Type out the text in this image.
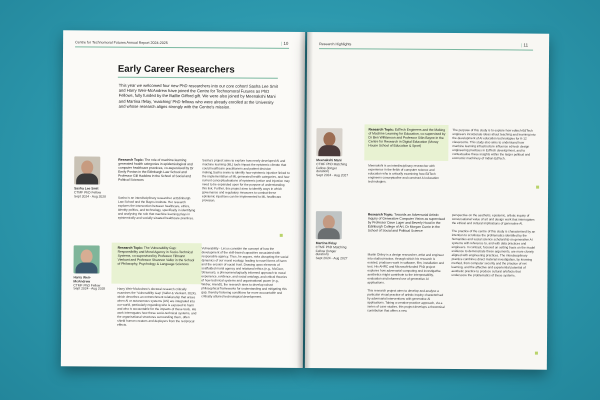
Centre for Technomoral Futures Annual Report 2024-2025	| 10
Early Career Researchers
This year we welcomed four new PhD researchers into our core cohort! Sasha Lee Smit and Harry Weir-McAndrew have joined the Centre for Technomoral Futures as PhD Fellows, fully funded by the Baillie Gifford gift. We were also joined by Meenakshi Mani and Martina Ifelay, 'matching' PhD fellows who were already enrolled at the University and whose research aligns strongly with the Centre's mission.
Sasha Lee Smit
CTMF PhD Fellow
Sept 2024 - Aug 2028
Research Topic: The role of machine learning generated health categories in epidemiological and computer healthcare practices, co-supervised by Dr Emily Postan in the Edinburgh Law School and Professor Gill Haddow in the School of Social and Political Sciences
Sasha is an interdisciplinary researcher at Edinburgh Law School and the Bayes Institute. Her research explores the intersection between healthcare, ethics, identity politics, and technology, specifically in identifying and analysing the role that machine learning plays in epistemically and socially-situated healthcare practices.
Sasha's project aims to explore how newly developed AI and machine learning (ML) tools impact the epistemic climate that could healthcare practitioners and patient decision making.Sasha seeks to identify how epistemic injustice linked to the implementation of ML generated health categories, and how current conceptualisations of epistemic justice and injustice may need to be expanded upon for the purpose of understanding this link. Further, this project aims to identify ways in which governance and regulatory measures to combat these epistemic injustices can be implemented to ML healthcare provision.
Harry Weir-McAndrew
CTMF PhD Fellow
Sept 2024 - Aug 2028
Research Topic: The Vulnerability Gap: Responsibility and Moral Agency in Socio-Technical Systems, co-supervised by Professor Tillmann Vierkant and Professor Shannon Vallor in the School of Philosophy, Psychology & Language Sciences
Harry Weir-McAndrew's doctoral research critically examines the 'Vulnerability Gap' (Vallor & Vierkant, 2024), which describes an entrenchment relationship that arises when AI or autonomous systems (AS) are integrated into our world, particularly regarding who is exposed to harm and who is accountable for the impacts of these tools. His work interrogates how these socio-technical systems, and the organisational structures surrounding them, often shield human creators and deployers from the reciprocal effects.
Vulnerability - Let us consider the concept of how the development of the skill-based capacities associated with responsible agency. Thus, he argues, risks disrupting the social dynamics of our moral ecology, leading to novel forms of harm and the erosion of social trust. Drawing upon elements of scaffolded moral agency and relational ethics (e.g., McGeer, Strawson), a phenomenologically informed approach to moral experience, evidence, and social ontology, and critical theories of how technical systems and organisational power (e.g., Weber, Arendt), the research aims to develop robust philosophical frameworks for understanding and mitigating this gap, thereby fostering conditions for more accountable and critically attuned technological development.
Research Highlights	| 11
Meenakshi Mani
CTMF PhD Matching Fellow (longer duration)
Sept 2024 - Aug 2027
Research Topic: EdTech Engineers and the Making of Machine Learning for Education, co-supervised by Dr Ben Williamson and Professor Siân Bayne in the Centre for Research in Digital Education (Moray House School of Education & Sport)
Meenakshi is an interdisciplinary researcher with experience in the fields of computer science and education who is critically examining how EdTech engineers conceptualise and construct AI education technologies.
The purpose of this study is to explore how edtech-EdTech engineers incorporate ideas about teaching and learning into the development of AI education technologies for K-12 classrooms. This study also aims to understand how machine learning infrastructure influence ed-tech design engineering practices in EdTech development, and to contextualise these insights within the larger political and economic machinery of Indian EdTech.
Martina Ifelay
CTMF PhD Matching Fellow (longer duration)
Sept 2024 - Aug 2027
Research Topic: Towards an Adversarial Artistic Inquiry of Generative Computer Vision as supervised by Professor Dave Luger and Beverly Hood in the Edinburgh College of Art, Dr Morgan Currie in the School of Social and Political Science
Martin Disley is a design researcher, artist and engineer into studio practice, through which his research is existed, produces work in software, film, installation and text. His AHRC and Microsoft-funded PhD project explores how adversarial computing and investigative aesthetics might contribute to the interpretability, evaluation and informed use of generative AI applications.

This research project aims to develop and analyse a particular visual practice of artistic inquiry characterised by adversarial interventions with generative AI applications. Taking a creative-practice approach, via a series of case studies, this project develops a theoretical contribution that offers a new
perspective on the aesthetic, epistemic, artistic inquiry of conversational value of art and design work that interrogates the ethical and cultural implications of generative AI.

The practice of the centre of this study is characterised by an intention to scrutinise the problematics identified by the humanities and social science scholarship on generative AI systems with reference to, and with data practices and engineers. In contrast, focused on setting basis on the model evidence to demonstrate these arguments, are more closely aligned with engineering practices. The interdisciplinary practice combines direct material investigation, by knowing method, from computer security and the practice of net learning, and the affective and experiential potential of aesthetic practice to produce cultural artefacts that underscore the problematics of these systems.
